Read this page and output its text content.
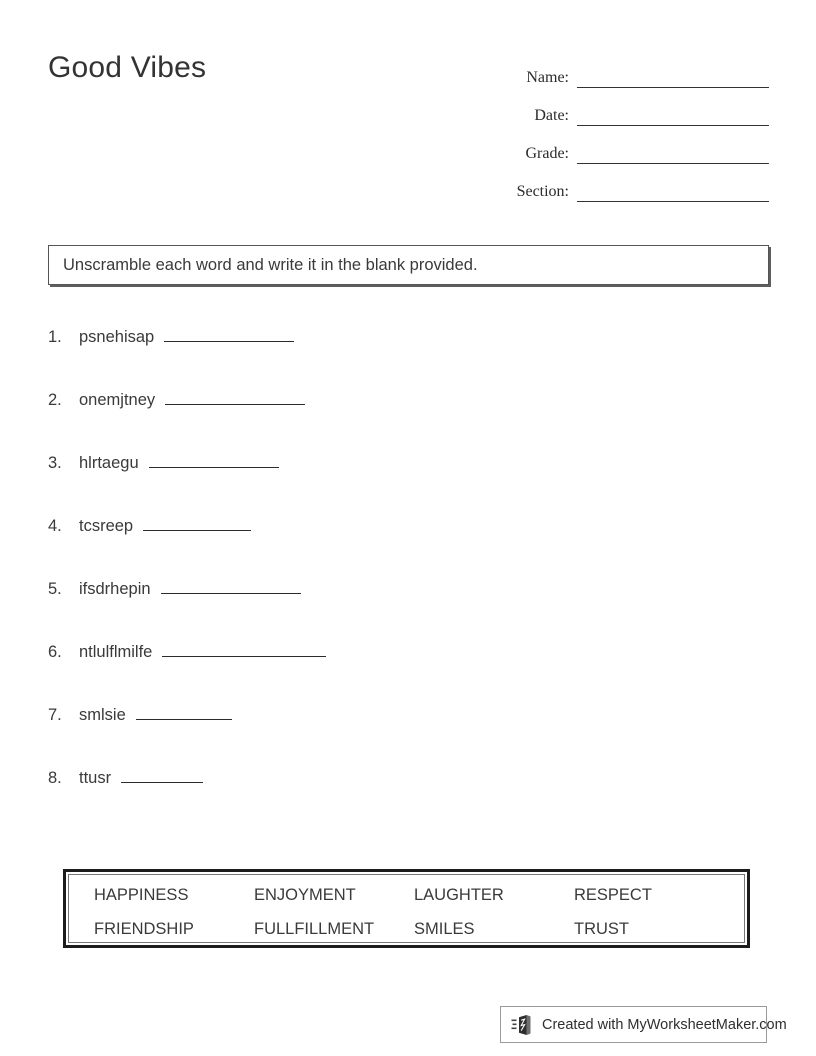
Good Vibes	Name:
Date:
Grade:
Section:
Unscramble each word and write it in the blank provided.
1.	psnehisap
2.	onemjtney
3.	hlrtaegu
4.	tcsreep
5.	ifsdrhepin
6.	ntlulflmilfe
7.	smlsie
8.	ttusr
HAPPINESS	ENJOYMENT	LAUGHTER	RESPECT
FRIENDSHIP	FULLFILLMENT	SMILES	TRUST
Created with MyWorksheetMaker.com
